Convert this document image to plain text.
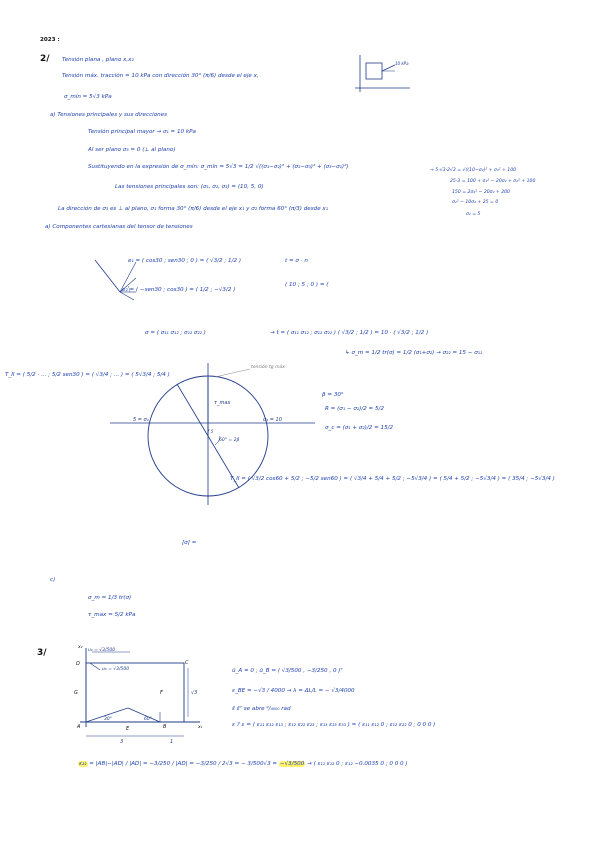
2023 :
2/ Tensión plana , plano x,x₂
Tensión máx. tracción = 10 kPa con dirección 30° (π/6) desde el eje x,
σ_mín = 5√3 kPa
10 kPa
a) Tensiones principales y sus direcciones
Tensión principal mayor → σ₁ = 10 kPa
Al ser plano σ₃ = 0 (⊥ al plano)
Sustituyendo en la expresión de σ_mín: σ_mín = 5√3 = 1/2 √((σ₁−σ₂)² + (σ₂−σ₃)² + (σ₃−σ₁)²)
Las tensiones principales son: (σ₁, σ₂, σ₃) = (10, 5, 0)
La dirección de σ₃ es ⊥ al plano, σ₁ forma 30° (π/6) desde el eje x₁ y σ₂ forma 60° (π/3) desde x₁
→ 5·√3·2√3 = √((10−σ₂)² + σ₂² + 100
25·3 = 100 + σ₂² − 20σ₂ + σ₂² + 100
150 = 2σ₂² − 20σ₂ + 200
σ₂² − 10σ₂ + 25 = 0
σ₂ = 5
a) Componentes cartesianas del tensor de tensiones
e₁ = ( cos30 ; sen30 ; 0 ) = ( √3/2 ; 1/2 )
e₂ = ( −sen30 ; cos30 ) = ( 1/2 ; −√3/2 )
t = σ · n
( 10 ; 5 ; 0 ) = (
σ = ( σ₁₁ σ₁₂ ; σ₁₂ σ₂₂ )	→ t = ( σ₁₁ σ₁₂ ; σ₁₂ σ₂₂ ) ( √3/2 ; 1/2 ) = 10 · ( √3/2 ; 1/2 )
↳ σ_m = 1/2 tr(σ) = 1/2 (σ₁+σ₂) → σ₂₂ = 15 − σ₁₁
T_II = ( 5/2 · ... ; 5/2 sen30 ) = ( √3/4 ; ... ) = ( 5√3/4 ; 5/4 )
τ_max
tensión tg máx
5 = σ₂	σ₁ = 10
7.5
60° = 2β
β = 30°
R = (σ₁ − σ₂)/2 = 5/2
σ_c = (σ₁ + σ₂)/2 = 15/2
T_II = ( √3/2 cos60 + 5/2 ; −5/2 sen60 ) = ( √3/4 + 5/4 + 5/2 ; −5√3/4 ) = ( 5/4 + 5/2 ; −5√3/4 ) = ( 35/4 ; −5√3/4 )
[σ] =
c)
σ_m = 1/3 tr(σ)
τ_max = 5/2 kPa
3/	u₀ = √3/500
u₀ = √3/500
D	C
A	B
E
F
G
x₁
x₂
30°	60°
√3
3	1
ū_A = 0 ; ū_B = ( √3/500 , −3/250 , 0 )ᵀ
ε_BE = −√3 / 4000 → λ = ΔL/L = − √3/4000
ε̄ ε̄ᵀ se abre ⁹/₄₀₀₀ rad
ε ? ε = ( ε₁₁ ε₁₂ ε₁₃ ; ε₁₂ ε₂₂ ε₂₃ ; ε₁₃ ε₂₃ ε₃₃ ) = ( ε₁₁ ε₁₂ 0 ; ε₁₂ ε₂₂ 0 ; 0 0 0 )
ε₂₂ = |AB|−|AD| / |AD| = −3/250 / |AD| = −3/250 / 2√3 = − 3/500√3 = −√3/500 → ( ε₁₁ ε₁₂ 0 ; ε₁₂ −0.0035 0 ; 0 0 0 )
